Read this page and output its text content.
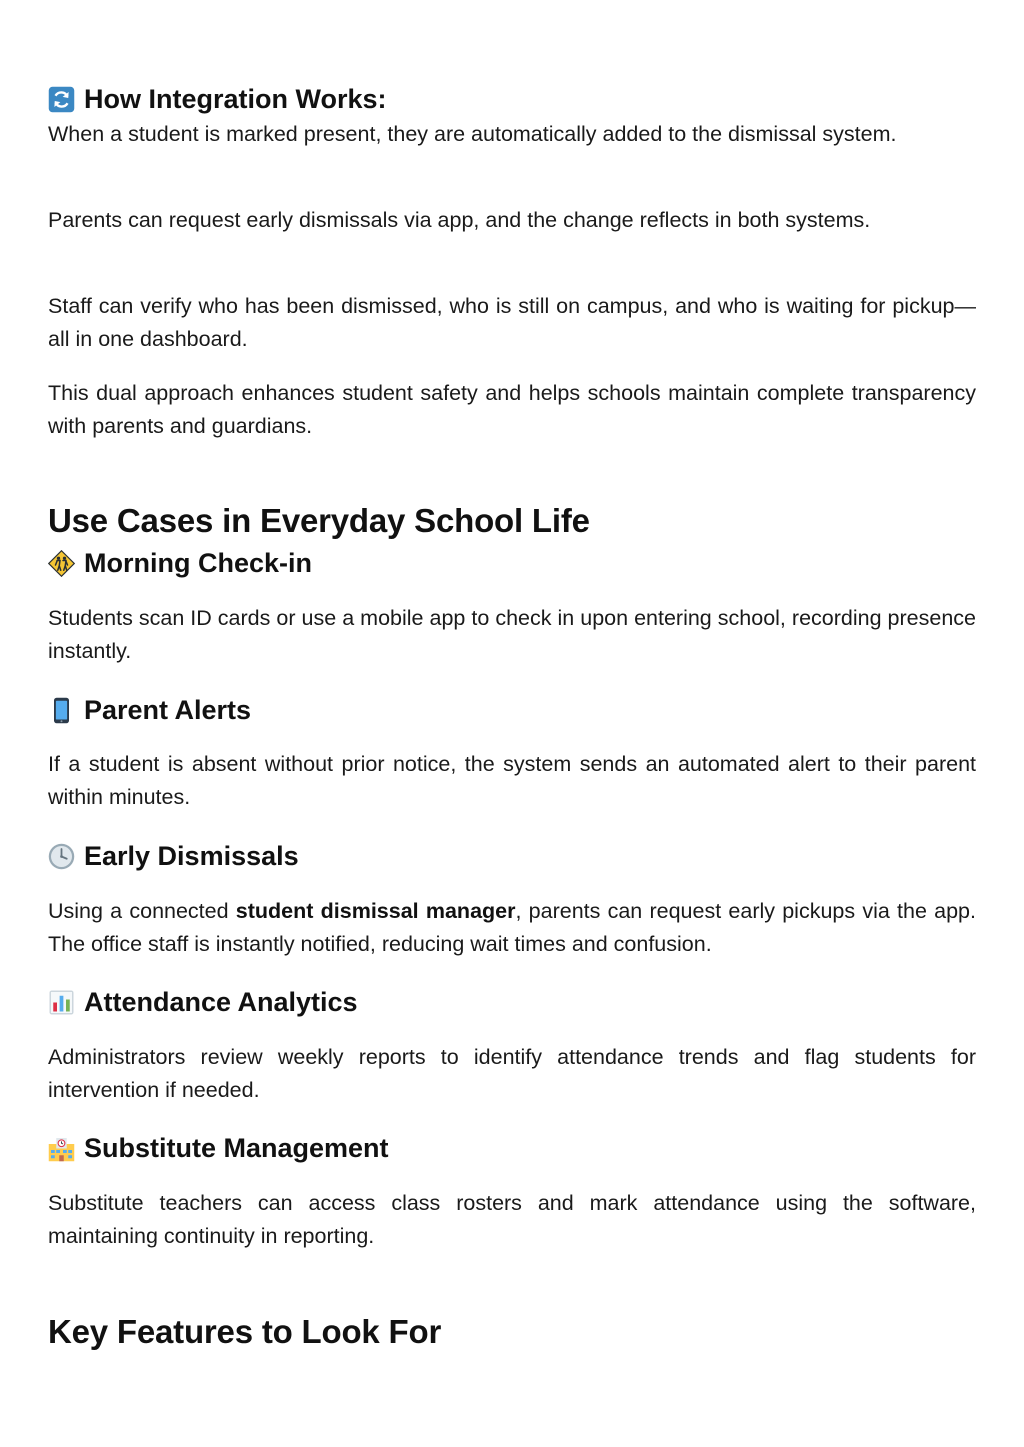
How Integration Works:

When a student is marked present, they are automatically added to the dismissal system.

Parents can request early dismissals via app, and the change reflects in both systems.

Staff can verify who has been dismissed, who is still on campus, and who is waiting for pickup—all in one dashboard.

This dual approach enhances student safety and helps schools maintain complete transparency with parents and guardians.

Use Cases in Everyday School Life
Morning Check-in

Students scan ID cards or use a mobile app to check in upon entering school, recording presence instantly.

Parent Alerts

If a student is absent without prior notice, the system sends an automated alert to their parent within minutes.

Early Dismissals

Using a connected student dismissal manager, parents can request early pickups via the app. The office staff is instantly notified, reducing wait times and confusion.

Attendance Analytics

Administrators review weekly reports to identify attendance trends and flag students for intervention if needed.

Substitute Management

Substitute teachers can access class rosters and mark attendance using the software, maintaining continuity in reporting.

Key Features to Look For
